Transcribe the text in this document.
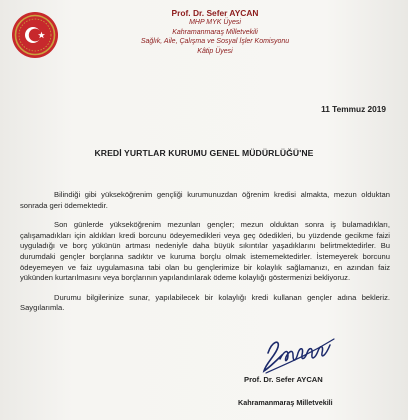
Prof. Dr. Sefer AYCAN
MHP MYK Üyesi
Kahramanmaraş Milletvekili
Sağlık, Aile, Çalışma ve Sosyal İşler Komisyonu
Kâtip Üyesi
11 Temmuz 2019
KREDİ YURTLAR KURUMU GENEL MÜDÜRLÜĞÜ'NE

Bilindiği gibi yükseköğrenim gençliği kurumunuzdan öğrenim kredisi almakta, mezun olduktan sonrada geri ödemektedir.

Son günlerde yükseköğrenim mezunları gençler; mezun olduktan sonra iş bulamadıkları, çalışamadıkları için aldıkları kredi borcunu ödeyemedikleri veya geç ödedikleri, bu yüzdende gecikme faizi uyguladığı ve borç yükünün artması nedeniyle daha büyük sıkıntılar yaşadıklarını belirtmektedirler. Bu durumdaki gençler borçlarına sadıktır ve kuruma borçlu olmak istememektedirler. İstemeyerek borcunu ödeyemeyen ve faiz uygulamasına tabi olan bu gençlerimize bir kolaylık sağlamanızı, en azından faiz yükünden kurtarılmasını veya borçlarının yapılandırılarak ödeme kolaylığı göstermenizi bekliyoruz.

Durumu bilgilerinize sunar, yapılabilecek bir kolaylığı kredi kullanan gençler adına bekleriz. Saygılarımla.

Prof. Dr. Sefer AYCAN
Kahramanmaraş Milletvekili
